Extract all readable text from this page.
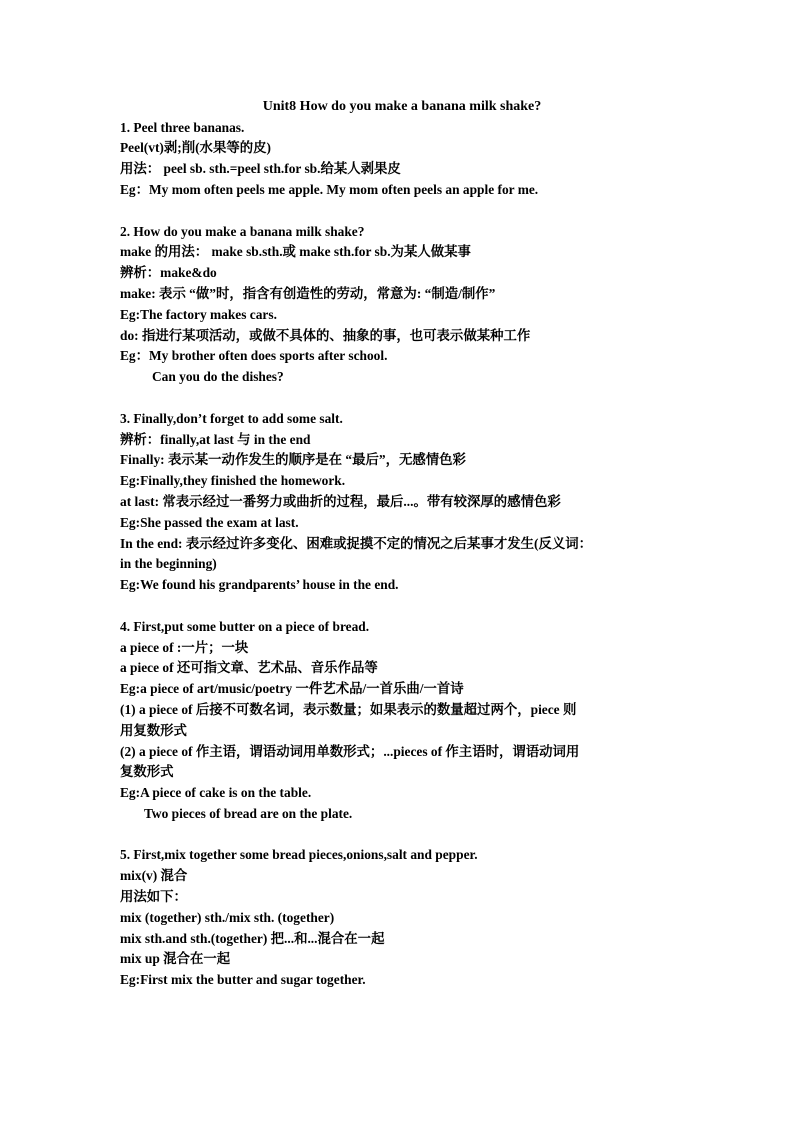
Unit8 How do you make a banana milk shake?

1. Peel three bananas.

Peel(vt)剥;削(水果等的皮)

用法： peel sb. sth.=peel sth.for sb.给某人剥果皮

Eg：My mom often peels me apple. My mom often peels an apple for me.

2. How do you make a banana milk shake?

make 的用法： make sb.sth.或 make sth.for sb.为某人做某事

辨析：make&do

make: 表示 “做”时，指含有创造性的劳动，常意为: “制造/制作”

Eg:The factory makes cars.

do: 指进行某项活动，或做不具体的、抽象的事，也可表示做某种工作

Eg：My brother often does sports after school.

Can you do the dishes?

3. Finally,don’t forget to add some salt.

辨析：finally,at last 与 in the end

Finally: 表示某一动作发生的顺序是在 “最后”，无感情色彩

Eg:Finally,they finished the homework.

at last: 常表示经过一番努力或曲折的过程，最后...。带有较深厚的感情色彩

Eg:She passed the exam at last.

In the end: 表示经过许多变化、困难或捉摸不定的情况之后某事才发生(反义词：

in the beginning)

Eg:We found his grandparents’ house in the end.

4. First,put some butter on a piece of bread.

a piece of :一片；一块

a piece of 还可指文章、艺术品、音乐作品等

Eg:a piece of art/music/poetry 一件艺术品/一首乐曲/一首诗

(1) a piece of 后接不可数名词，表示数量；如果表示的数量超过两个，piece 则

用复数形式

(2) a piece of 作主语，谓语动词用单数形式；...pieces of 作主语时，谓语动词用

复数形式

Eg:A piece of cake is on the table.

Two pieces of bread are on the plate.

5. First,mix together some bread pieces,onions,salt and pepper.

mix(v) 混合

用法如下：

mix (together) sth./mix sth. (together)

mix sth.and sth.(together) 把...和...混合在一起

mix up 混合在一起

Eg:First mix the butter and sugar together.
